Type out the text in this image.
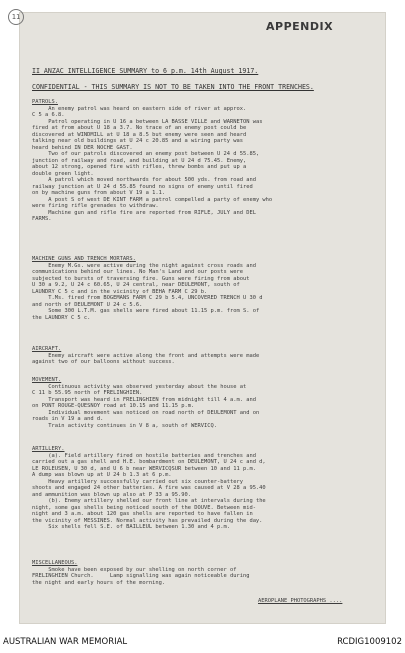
11
APPENDIX
II ANZAC INTELLIGENCE SUMMARY to 6 p.m. 14th August 1917.
CONFIDENTIAL - THIS SUMMARY IS NOT TO BE TAKEN INTO THE FRONT TRENCHES.

PATROLS.

An enemy patrol was heard on eastern side of river at approx.
C 5 a 6.8.
Patrol operating in U 16 a between LA BASSE VILLE and WARNETON was
fired at from about U 18 a 3.7. No trace of an enemy post could be
discovered at WINDMILL at U 18 a 8.5 but enemy were seen and heard
talking near old buildings at U 24 c 20.85 and a wiring party was
heard behind IN DER NOCHE GAST.
Two of our patrols discovered an enemy post between U 24 d 55.85,
junction of railway and road, and building at U 24 d 75.45. Enemy,
about 12 strong, opened fire with rifles, threw bombs and put up a
double green light.
A patrol which moved northwards for about 500 yds. from road and
railway junction at U 24 d 55.85 found no signs of enemy until fired
on by machine guns from about V 19 a 1.1.
A post S of west DE KINT FARM a patrol compelled a party of enemy who
were firing rifle grenades to withdraw.
Machine gun and rifle fire are reported from RIFLE, JULY and DEL
FARMS.

MACHINE GUNS AND TRENCH MORTARS.

Enemy M.Gs. were active during the night against cross roads and
communications behind our lines. No Man's Land and our posts were
subjected to bursts of traversing fire. Guns were firing from about
U 30 a 9.2, U 24 c 60.65, U 24 central, near DEULEMONT, south of
LAUNDRY C 5 c and in the vicinity of BEHA FARM C 29 b.
T.Ms. fired from BOGEMANS FARM C 29 b 5.4, UNCOVERED TRENCH U 30 d
and north of DEULEMONT U 24 c 5.6.
Some 300 L.T.M. gas shells were fired about 11.15 p.m. from S. of
the LAUNDRY C 5 c.

AIRCRAFT.

Enemy aircraft were active along the front and attempts were made
against two of our balloons without success.

MOVEMENT.

Continuous activity was observed yesterday about the house at
C 11 b 55.95 north of FRELINGHIEN.
Transport was heard in FRELINGHIEN from midnight till 4 a.m. and
on PONT ROUGE-QUESNOY road at 10.15 and 11.15 p.m.
Individual movement was noticed on road north of DEULEMONT and on
roads in V 19 a and d.
Train activity continues in V 8 a, south of WERVICQ.

ARTILLERY.

(a). Field artillery fired on hostile batteries and trenches and
carried out a gas shell and H.E. bombardment on DEULEMONT, U 24 c and d,
LE ROLEUSEN, U 30 d, and U 6 b near WERVICQSUR between 10 and 11 p.m.
A dump was blown up at U 24 b 1.3 at 6 p.m.
Heavy artillery successfully carried out six counter-battery
shoots and engaged 24 other batteries. A fire was caused at V 28 a 95.40
and ammunition was blown up also at P 33 a 95.90.
(b). Enemy artillery shelled our front line at intervals during the
night, some gas shells being noticed south of the DOUVE. Between mid-
night and 3 a.m. about 120 gas shells are reported to have fallen in
the vicinity of MESSINES. Normal activity has prevailed during the day.
Six shells fell S.E. of BAILLEUL between 1.30 and 4 p.m.

MISCELLANEOUS.

Smoke have been exposed by our shelling on north corner of
FRELINGHIEN Church.     Lamp signalling was again noticeable during
the night and early hours of the morning.

AEROPLANE PHOTOGRAPHS ....

AUSTRALIAN WAR MEMORIAL	RCDIG1009102
